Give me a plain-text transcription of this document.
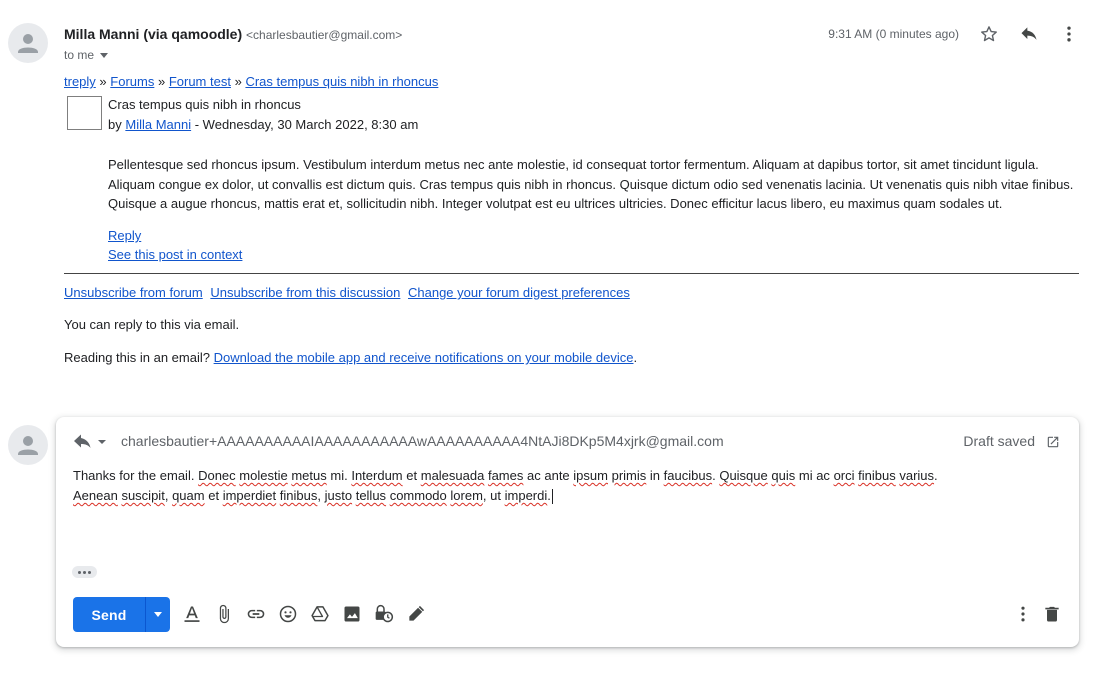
Milla Manni (via qamoodle) <charlesbautier@gmail.com>
to me
9:31 AM (0 minutes ago)
treply » Forums » Forum test » Cras tempus quis nibh in rhoncus
Cras tempus quis nibh in rhoncus
by Milla Manni - Wednesday, 30 March 2022, 8:30 am
Pellentesque sed rhoncus ipsum. Vestibulum interdum metus nec ante molestie, id consequat tortor fermentum. Aliquam at dapibus tortor, sit amet tincidunt ligula. Aliquam congue ex dolor, ut convallis est dictum quis. Cras tempus quis nibh in rhoncus. Quisque dictum odio sed venenatis lacinia. Ut venenatis quis nibh vitae finibus. Quisque a augue rhoncus, mattis erat et, sollicitudin nibh. Integer volutpat est eu ultrices ultricies. Donec efficitur lacus libero, eu maximus quam sodales ut.
Reply
See this post in context
Unsubscribe from forum Unsubscribe from this discussion Change your forum digest preferences
You can reply to this via email.
Reading this in an email? Download the mobile app and receive notifications on your mobile device.
charlesbautier+AAAAAAAAAAIAAAAAAAAAAAwAAAAAAAAAA4NtAJi8DKp5M4xjrk@gmail.com	Draft saved
Thanks for the email. Donec molestie metus mi. Interdum et malesuada fames ac ante ipsum primis in faucibus. Quisque quis mi ac orci finibus varius.
Aenean suscipit, quam et imperdiet finibus, justo tellus commodo lorem, ut imperdi.
Send
